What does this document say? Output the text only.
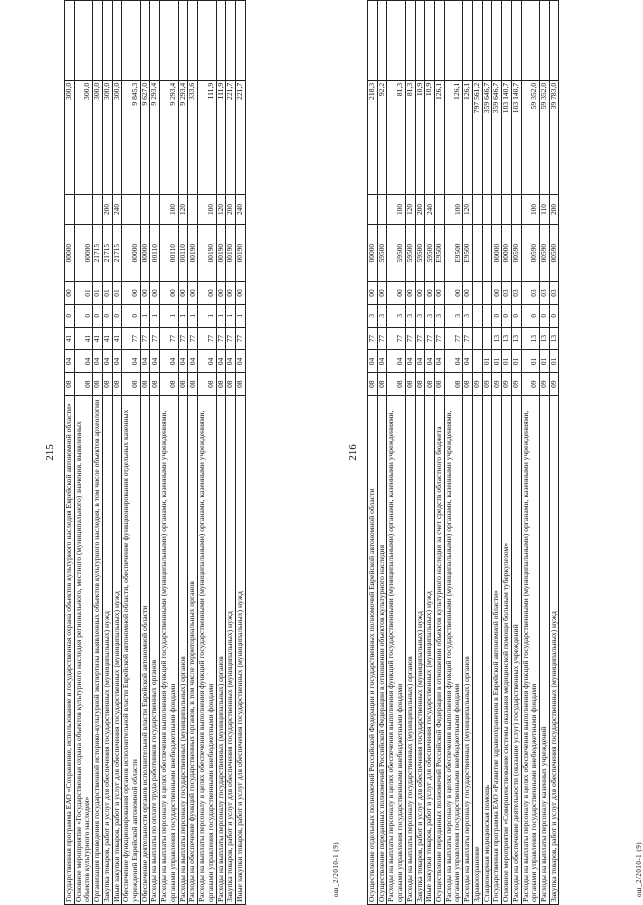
215 Государственная программа ЕАО «Сохранение, использование и государственная охрана объектов культурного наследия Еврейской автономной области»	08	04	41	0	00	00000		300,0	
Основное мероприятие «Государственная охрана объектов культурного наследия регионального, местного (муниципального) значения, выявленных объектов культурного наследия»	08	04	41	0	01	00000		300,0	
Организация проведения государственной историко-культурной экспертизы выявленных объектов культурного наследия, в том числе объектов археологии	08	04	41	0	01	21715		300,0	
Закупка товаров, работ и услуг для обеспечения государственных (муниципальных) нужд	08	04	41	0	01	21715	200	300,0	
Иные закупки товаров, работ и услуг для обеспечения государственных (муниципальных) нужд	08	04	41	0	01	21715	240	300,0	
Обеспечение функционирования органов исполнительной власти Еврейской автономной области, обеспечение функционирования отдельных казенных учреждений Еврейской автономной области	08	04	77	0	00	00000		9 845,3	
Обеспечение деятельности органов исполнительной власти Еврейской автономной области	08	04	77	1	00	00000		9 627,0	
Расходы на выплаты по оплате труда работников государственных органов	08	04	77	1	00	00110		9 293,4	
Расходы на выплаты персоналу в целях обеспечения выполнения функций государственными (муниципальными) органами, казенными учреждениями, органами управления государственными внебюджетными фондами	08	04	77	1	00	00110	100	9 293,4	
Расходы на выплаты персоналу государственных (муниципальных) органов	08	04	77	1	00	00110	120	9 293,4	
Расходы на обеспечение функций государственных органов, в том числе территориальных органов	08	04	77	1	00	00190		333,6	
Расходы на выплаты персоналу в целях обеспечения выполнения функций государственными (муниципальными) органами, казенными учреждениями, органами управления государственными внебюджетными фондами	08	04	77	1	00	00190	100	111,9	
Расходы на выплаты персоналу государственных (муниципальных) органов	08	04	77	1	00	00190	120	111,9	
Закупка товаров, работ и услуг для обеспечения государственных (муниципальных) нужд	08	04	77	1	00	00190	200	221,7	
Иные закупки товаров, работ и услуг для обеспечения государственных (муниципальных) нужд	08	04	77	1	00	00190	240	221,7	
ош_2/2010-1 (9)
216
Осуществление отдельных полномочий Российской Федерации и государственных полномочий Еврейской автономной области	08	04	77	3	00	00000		218,3	
Осуществление переданных полномочий Российской Федерации в отношении объектов культурного наследия	08	04	77	3	00	59500		92,2	
Расходы на выплаты персоналу в целях обеспечения выполнения функций государственными (муниципальными) органами, казенными учреждениями, органами управления государственными внебюджетными фондами	08	04	77	3	00	59500	100	81,3	
Расходы на выплаты персоналу государственных (муниципальных) органов	08	04	77	3	00	59500	120	81,3	
Закупка товаров, работ и услуг для обеспечения государственных (муниципальных) нужд	08	04	77	3	00	59500	200	10,9	
Иные закупки товаров, работ и услуг для обеспечения государственных (муниципальных) нужд	08	04	77	3	00	59500	240	10,9	
Осуществление переданных полномочий Российской Федерации в отношении объектов культурного наследия за счет средств областного бюджета	08	04	77	3	00	Е9500		126,1	
Расходы на выплаты персоналу в целях обеспечения выполнения функций государственными (муниципальными) органами, казенными учреждениями, органами управления государственными внебюджетными фондами	08	04	77	3	00	Е9500	100	126,1	
Расходы на выплаты персоналу государственных (муниципальных) органов	08	04	77	3	00	Е9500	120	126,1	
Здравоохранение	09							797 561,2	
Стационарная медицинская помощь	09	01						359 646,7	
Государственная программа ЕАО «Развитие здравоохранения в Еврейской автономной области»	09	01	13	0	00	00000		359 646,7	
Основное мероприятие «Совершенствование системы оказания медицинской помощи больным туберкулезом»	09	01	13	0	03	00000		103 140,7	
Расходы на обеспечение деятельности (оказание услуг) государственных учреждений	09	01	13	0	03	00590		103 140,7	
Расходы на выплаты персоналу в целях обеспечения выполнения функций государственными (муниципальными) органами, казенными учреждениями, органами управления государственными внебюджетными фондами	09	01	13	0	03	00590	100	59 352,0	
Расходы на выплаты персоналу казенных учреждений	09	01	13	0	03	00590	110	59 352,0	
Закупка товаров, работ и услуг для обеспечения государственных (муниципальных) нужд	09	01	13	0	03	00590	200	39 783,0	
ош_2/2010-1 (9)
